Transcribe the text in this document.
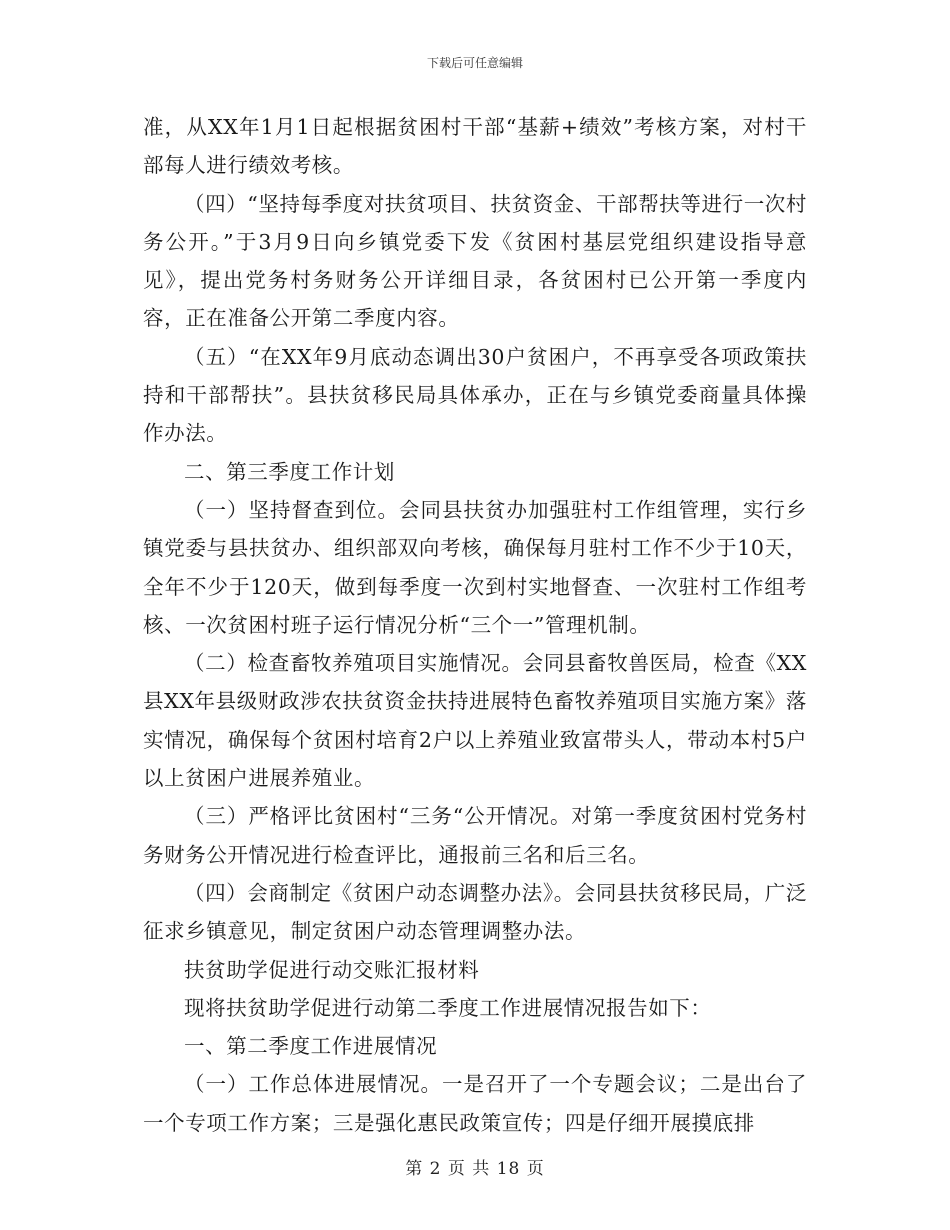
下载后可任意编辑

准，从XX年1月1日起根据贫困村干部“基薪+绩效”考核方案，对村干部每人进行绩效考核。

（四）“坚持每季度对扶贫项目、扶贫资金、干部帮扶等进行一次村务公开。”于3月9日向乡镇党委下发《贫困村基层党组织建设指导意见》，提出党务村务财务公开详细目录，各贫困村已公开第一季度内容，正在准备公开第二季度内容。

（五）“在XX年9月底动态调出30户贫困户，不再享受各项政策扶持和干部帮扶”。县扶贫移民局具体承办，正在与乡镇党委商量具体操作办法。

二、第三季度工作计划

（一）坚持督查到位。会同县扶贫办加强驻村工作组管理，实行乡镇党委与县扶贫办、组织部双向考核，确保每月驻村工作不少于10天，全年不少于120天，做到每季度一次到村实地督查、一次驻村工作组考核、一次贫困村班子运行情况分析“三个一”管理机制。

（二）检查畜牧养殖项目实施情况。会同县畜牧兽医局，检查《XX县XX年县级财政涉农扶贫资金扶持进展特色畜牧养殖项目实施方案》落实情况，确保每个贫困村培育2户以上养殖业致富带头人，带动本村5户以上贫困户进展养殖业。

（三）严格评比贫困村“三务“公开情况。对第一季度贫困村党务村务财务公开情况进行检查评比，通报前三名和后三名。

（四）会商制定《贫困户动态调整办法》。会同县扶贫移民局，广泛征求乡镇意见，制定贫困户动态管理调整办法。

扶贫助学促进行动交账汇报材料

现将扶贫助学促进行动第二季度工作进展情况报告如下：

一、第二季度工作进展情况

（一）工作总体进展情况。一是召开了一个专题会议；二是出台了一个专项工作方案；三是强化惠民政策宣传；四是仔细开展摸底排

第 2 页 共 18 页
